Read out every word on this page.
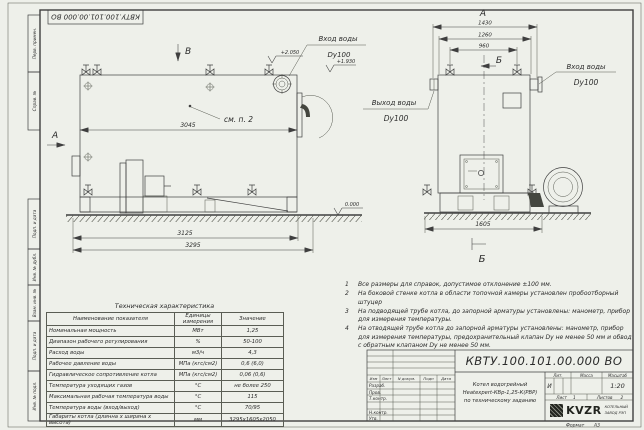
Перв. примен.
Справ. №
Подп. и дата
Инв. № дубл.
Взам. инв. №
Подп. и дата
Инв. № подл.
КВТУ.100.101.00.000 ВО
3045
0.000
3125
3295
В
А
см. п. 2
+2.050
+1.930
Вход воды
Dy100
А
1430
1260
960
Б
1605
Б
Вход воды
Dy100
Выход воды
Dy100
Формат А3
1	Все размеры для справок, допустимое отклонение ±100 мм.
2	На боковой стенке котла в области топочной камеры установлен пробоотборный штуцер
3	На подводящей трубе котла, до запорной арматуры установлены: манометр, прибор для измерения температуры.
4	На отводящей трубе котла до запорной арматуры установлены: манометр, прибор для измерения температуры, предохранительный клапан Dy не менее 50 мм и обвод с обратным клапаном Dy не менее 50 мм.
Техническая характеристика
Наименование показателя	Единицы измерения	Значение
Номинальная мощность	МВт	1,25
Диапазон рабочего регулирования	%	50-100
Расход воды	м3/ч	4,3
Рабочее давление воды	МПа (кгс/см2)	0,6 (6,0)
Гидравлическое сопротивление котла	МПа (кгс/см2)	0,06 (0,6)
Температура уходящих газов	°С	не более 250
Максимальная рабочая температура воды	°С	115
Температура воды (вход/выход)	°С	70/95
Габариты котла (длинна х ширина х высота)	мм	3295х1605х2050
Изм	Лист	N докум.	Подп	Дата
Разраб.
Пров.
Т.контр.
Н.контр.
Утв.
КВТУ.100.101.00.000 ВО
Котел водогрейный
Heatexpert-КВр-1,25-К(РВР)
по техническому заданию
Лит.	Масса	Масштаб
И	1:20
Лист 1	Листов 2
KVZR КОТЕЛЬНЫЙ
ЗАВОД РЭП
